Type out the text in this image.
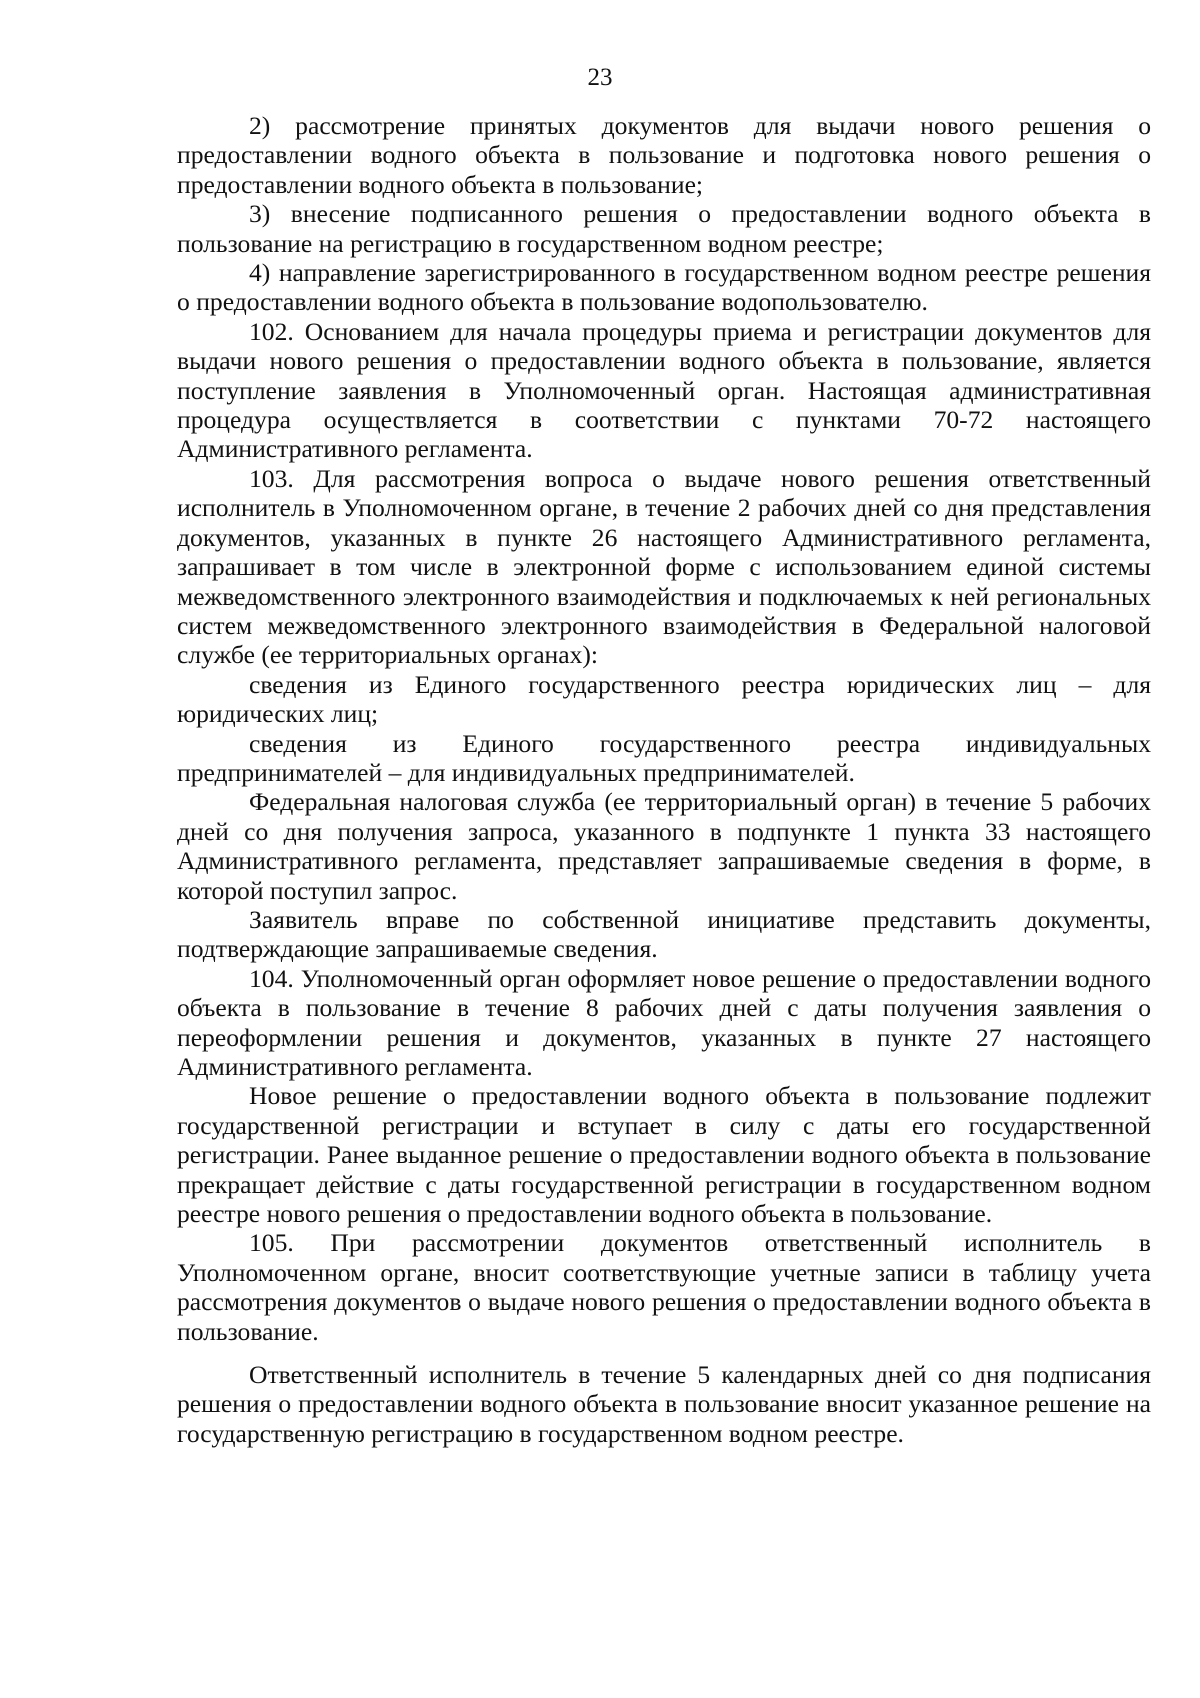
23

2) рассмотрение принятых документов для выдачи нового решения о предоставлении водного объекта в пользование и подготовка нового решения о предоставлении водного объекта в пользование;

3) внесение подписанного решения о предоставлении водного объекта в пользование на регистрацию в государственном водном реестре;

4) направление зарегистрированного в государственном водном реестре решения о предоставлении водного объекта в пользование водопользователю.

102. Основанием для начала процедуры приема и регистрации документов для выдачи нового решения о предоставлении водного объекта в пользование, является поступление заявления в Уполномоченный орган. Настоящая административная процедура осуществляется в соответствии с пунктами 70-72 настоящего Административного регламента.

103. Для рассмотрения вопроса о выдаче нового решения ответственный исполнитель в Уполномоченном органе, в течение 2 рабочих дней со дня представления документов, указанных в пункте 26 настоящего Административного регламента, запрашивает в том числе в электронной форме с использованием единой системы межведомственного электронного взаимодействия и подключаемых к ней региональных систем межведомственного электронного взаимодействия в Федеральной налоговой службе (ее территориальных органах):

сведения из Единого государственного реестра юридических лиц – для юридических лиц;

сведения из Единого государственного реестра индивидуальных предпринимателей – для индивидуальных предпринимателей.

Федеральная налоговая служба (ее территориальный орган) в течение 5 рабочих дней со дня получения запроса, указанного в подпункте 1 пункта 33 настоящего Административного регламента, представляет запрашиваемые сведения в форме, в которой поступил запрос.

Заявитель вправе по собственной инициативе представить документы, подтверждающие запрашиваемые сведения.

104. Уполномоченный орган оформляет новое решение о предоставлении водного объекта в пользование в течение 8 рабочих дней с даты получения заявления о переоформлении решения и документов, указанных в пункте 27 настоящего Административного регламента.

Новое решение о предоставлении водного объекта в пользование подлежит государственной регистрации и вступает в силу с даты его государственной регистрации. Ранее выданное решение о предоставлении водного объекта в пользование прекращает действие с даты государственной регистрации в государственном водном реестре нового решения о предоставлении водного объекта в пользование.

105. При рассмотрении документов ответственный исполнитель в Уполномоченном органе, вносит соответствующие учетные записи в таблицу учета рассмотрения документов о выдаче нового решения о предоставлении водного объекта в пользование.

Ответственный исполнитель в течение 5 календарных дней со дня подписания решения о предоставлении водного объекта в пользование вносит указанное решение на государственную регистрацию в государственном водном реестре.
